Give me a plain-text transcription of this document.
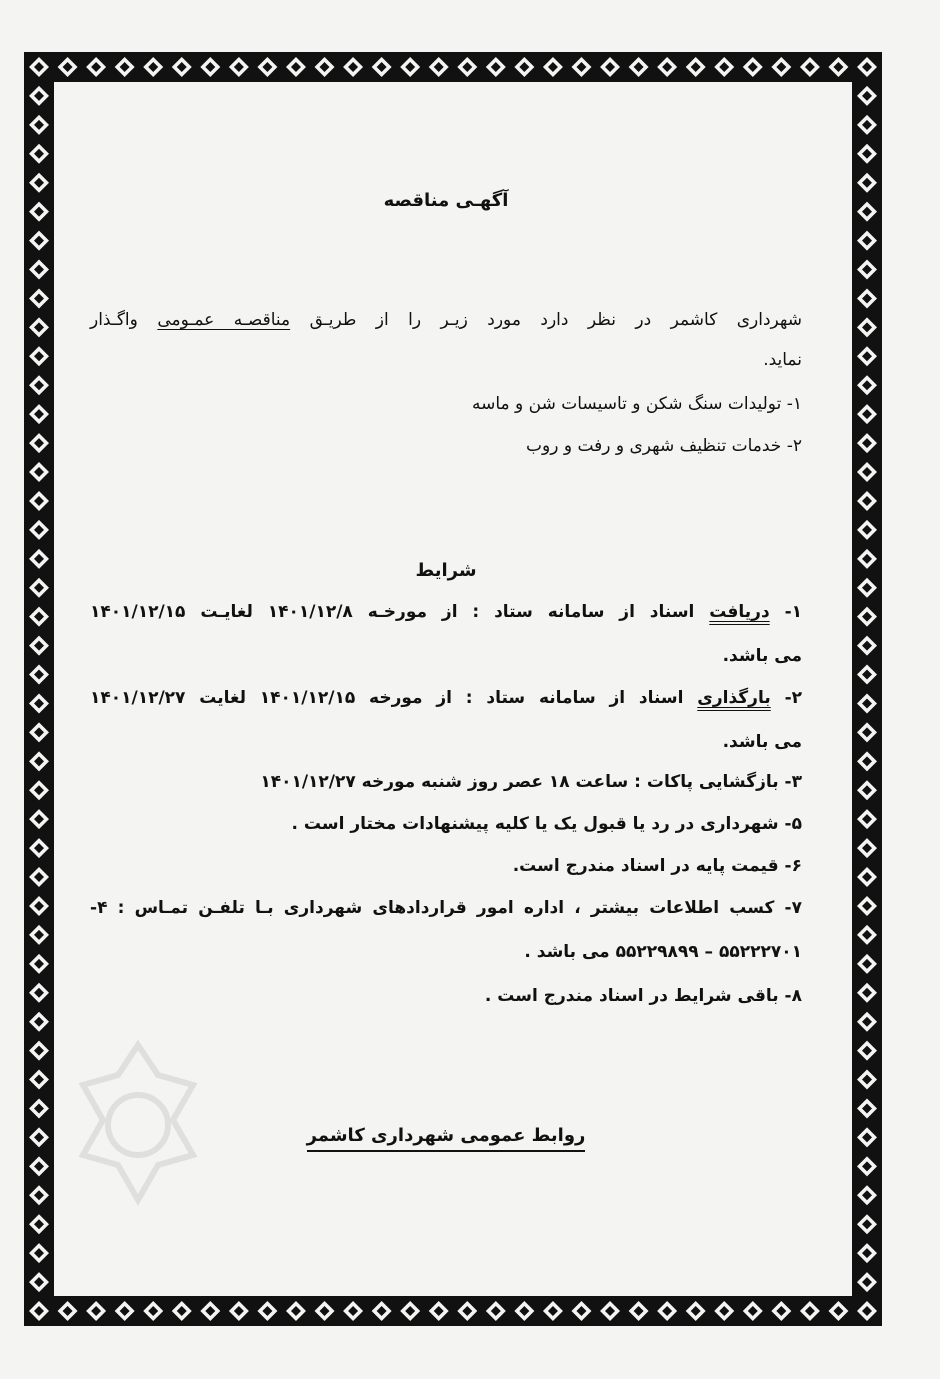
آگهـی مناقصه
شهرداری کاشمر در نظر دارد مورد زیـر را از طریـق مناقصـه عمـومی واگـذار
نماید.
۱- تولیدات سنگ شکن و تاسیسات شن و ماسه
۲- خدمات تنظیف شهری و رفت و روب
شرایط
۱- دریافت اسناد از سامانه ستاد : از مورخـه ۱۴۰۱/۱۲/۸ لغایـت ۱۴۰۱/۱۲/۱۵
می باشد.
۲- بارگذاری اسناد از سامانه ستاد : از مورخه ۱۴۰۱/۱۲/۱۵ لغایت ۱۴۰۱/۱۲/۲۷
می باشد.
۳- بازگشایی پاکات : ساعت ۱۸ عصر روز شنبه مورخه ۱۴۰۱/۱۲/۲۷
۵- شهرداری در رد یا قبول یک یا کلیه پیشنهادات مختار است .
۶- قیمت پایه در اسناد مندرج است.
۷- کسب اطلاعات بیشتر ، اداره امور قراردادهای شهرداری بـا تلفـن تمـاس : ۴-
۵۵۲۲۲۷۰۱ – ۵۵۲۲۹۸۹۹ می باشد .
۸- باقی شرایط در اسناد مندرج است .
روابط عمومی شهرداری کاشمر
